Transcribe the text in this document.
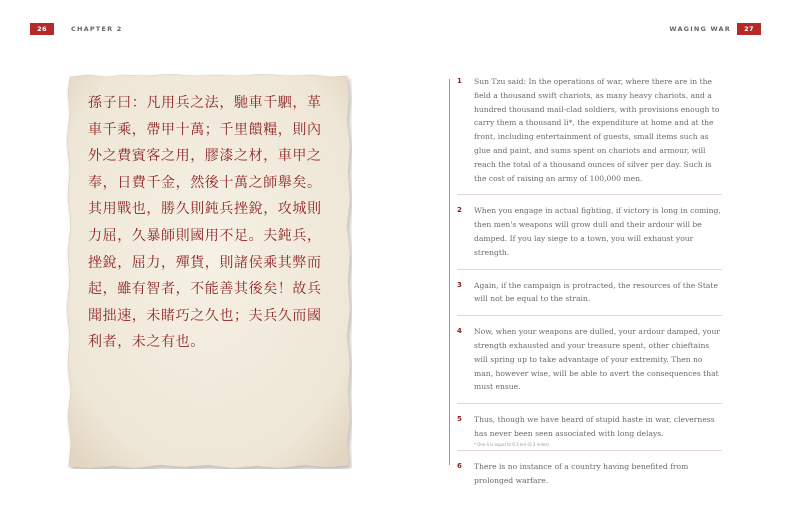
26	CHAPTER 2	WAGING WAR	27
孫子曰：凡用兵之法，馳車千駟，革
車千乘，帶甲十萬；千里饋糧，則內
外之費賓客之用，膠漆之材，車甲之
奉，日費千金，然後十萬之師舉矣。
其用戰也，勝久則鈍兵挫銳，攻城則
力屈，久暴師則國用不足。夫鈍兵，
挫銳，屈力，殫貨，則諸侯乘其弊而
起，雖有智者，不能善其後矣！故兵
聞拙速，未睹巧之久也；夫兵久而國
利者，未之有也。
1	Sun Tzu said: In the operations of war, where there are in the field a thousand swift chariots, as many heavy chariots, and a hundred thousand mail-clad soldiers, with provisions enough to carry them a thousand li*, the expenditure at home and at the front, including entertainment of guests, small items such as glue and paint, and sums spent on chariots and armour, will reach the total of a thousand ounces of silver per day. Such is the cost of raising an army of 100,000 men.
2	When you engage in actual fighting, if victory is long in coming, then men's weapons will grow dull and their ardour will be damped. If you lay siege to a town, you will exhaust your strength.
3	Again, if the campaign is protracted, the resources of the State will not be equal to the strain.
4	Now, when your weapons are dulled, your ardour damped, your strength exhausted and your treasure spent, other chieftains will spring up to take advantage of your extremity. Then no man, however wise, will be able to avert the consequences that must ensue.
5	Thus, though we have heard of stupid haste in war, cleverness has never been seen associated with long delays.
6	There is no instance of a country having benefited from prolonged warfare.
* One li is equal to 0.3 km (0.3 miles).
